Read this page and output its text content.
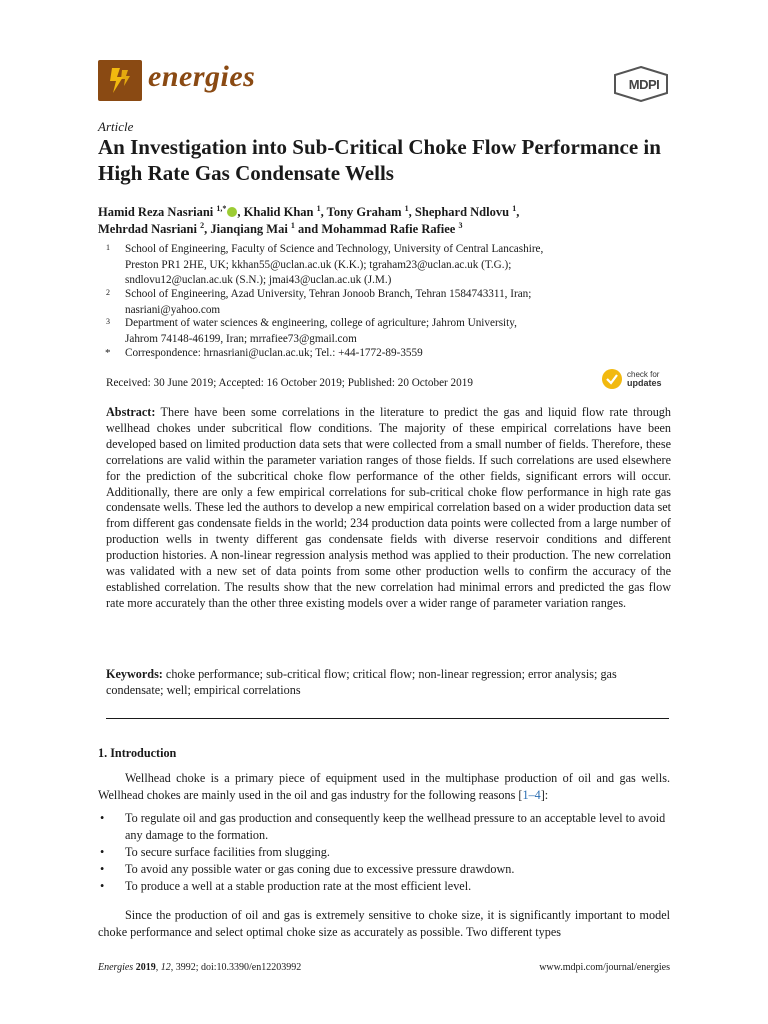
energies	MDPI
Article
An Investigation into Sub-Critical Choke Flow Performance in High Rate Gas Condensate Wells
Hamid Reza Nasriani $^{1,*}$ , Khalid Khan $^1$, Tony Graham $^1$, Shephard Ndlovu $^1$,
Mehrdad Nasriani $^2$, Jianqiang Mai $^1$ and Mohammad Rafie Rafiee $^3$
1 School of Engineering, Faculty of Science and Technology, University of Central Lancashire,
Preston PR1 2HE, UK; kkhan55@uclan.ac.uk (K.K.); tgraham23@uclan.ac.uk (T.G.);
sndlovu12@uclan.ac.uk (S.N.); jmai43@uclan.ac.uk (J.M.)
2 School of Engineering, Azad University, Tehran Jonoob Branch, Tehran 1584743311, Iran;
nasriani@yahoo.com
3 Department of water sciences & engineering, college of agriculture; Jahrom University,
Jahrom 74148-46199, Iran; mrrafiee73@gmail.com
* Correspondence: hrnasriani@uclan.ac.uk; Tel.: +44-1772-89-3559
Received: 30 June 2019; Accepted: 16 October 2019; Published: 20 October 2019
check for
updates
Abstract: There have been some correlations in the literature to predict the gas and liquid flow rate through wellhead chokes under subcritical flow conditions. The majority of these empirical correlations have been developed based on limited production data sets that were collected from a small number of fields. Therefore, these correlations are valid within the parameter variation ranges of those fields. If such correlations are used elsewhere for the prediction of the subcritical choke flow performance of the other fields, significant errors will occur. Additionally, there are only a few empirical correlations for sub-critical choke flow performance in high rate gas condensate wells. These led the authors to develop a new empirical correlation based on a wider production data set from different gas condensate fields in the world; 234 production data points were collected from a large number of production wells in twenty different gas condensate fields with diverse reservoir conditions and different production histories. A non-linear regression analysis method was applied to their production. The new correlation was validated with a new set of data points from some other production wells to confirm the accuracy of the established correlation. The results show that the new correlation had minimal errors and predicted the gas flow rate more accurately than the other three existing models over a wider range of parameter variation ranges.
Keywords: choke performance; sub-critical flow; critical flow; non-linear regression; error analysis; gas condensate; well; empirical correlations
1. Introduction
Wellhead choke is a primary piece of equipment used in the multiphase production of oil and gas wells. Wellhead chokes are mainly used in the oil and gas industry for the following reasons [1–4]:
• To regulate oil and gas production and consequently keep the wellhead pressure to an acceptable level to avoid any damage to the formation.
• To secure surface facilities from slugging.
• To avoid any possible water or gas coning due to excessive pressure drawdown.
• To produce a well at a stable production rate at the most efficient level.
Since the production of oil and gas is extremely sensitive to choke size, it is significantly important to model choke performance and select optimal choke size as accurately as possible. Two different types
Energies 2019, 12, 3992; doi:10.3390/en12203992	www.mdpi.com/journal/energies
